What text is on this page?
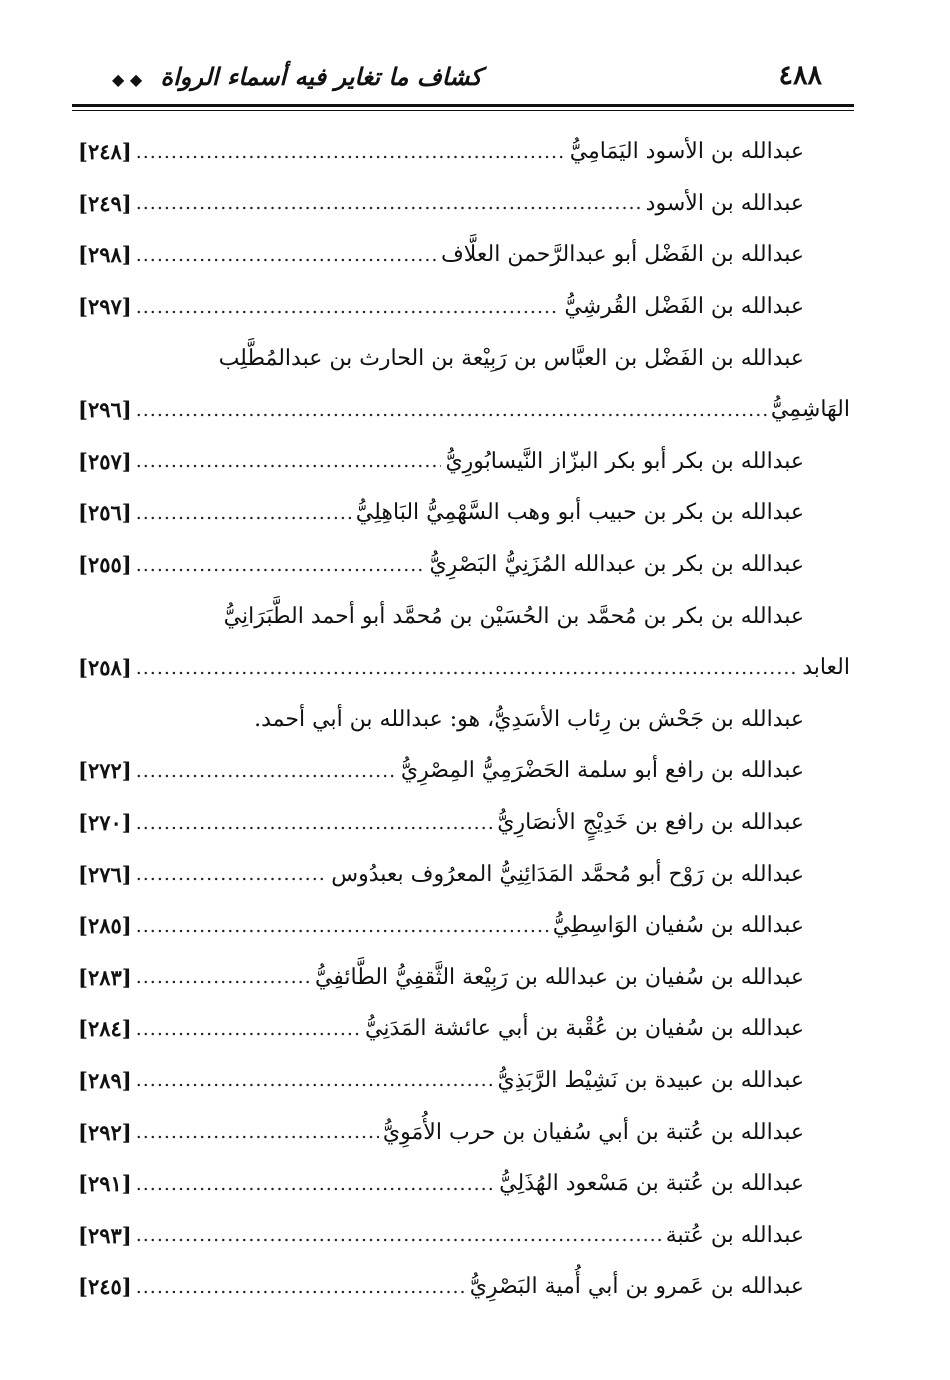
كشاف ما تغاير فيه أسماء الرواة ◆ ◆	٤٨٨
[٢٤٨] .....	عبدالله بن الأسود اليَمَامِيُّ
[٢٤٩] .....	عبدالله بن الأسود
[٢٩٨] .....	عبدالله بن الفَضْل أبو عبدالرَّحمن العلَّاف
[٢٩٧] .....	عبدالله بن الفَضْل القُرشِيُّ
عبدالله بن الفَضْل بن العبَّاس بن رَبِيْعة بن الحارث بن عبدالمُطَّلِب
[٢٩٦] .....	الهَاشِمِيُّ
[٢٥٧] .....	عبدالله بن بكر أبو بكر البزّاز النَّيسابُورِيُّ
[٢٥٦] .....	عبدالله بن بكر بن حبيب أبو وهب السَّهْمِيُّ البَاهِلِيُّ
[٢٥٥] .....	عبدالله بن بكر بن عبدالله المُزَنِيُّ البَصْرِيُّ
عبدالله بن بكر بن مُحمَّد بن الحُسَيْن بن مُحمَّد أبو أحمد الطَّبَرَانِيُّ
[٢٥٨] .....	العابد
عبدالله بن جَحْش بن رِئاب الأسَدِيُّ، هو: عبدالله بن أبي أحمد.
[٢٧٢] .....	عبدالله بن رافع أبو سلمة الحَضْرَمِيُّ المِصْرِيُّ
[٢٧٠] .....	عبدالله بن رافع بن خَدِيْجٍ الأنصَارِيُّ
[٢٧٦] .....	عبدالله بن رَوْح أبو مُحمَّد المَدَائِنِيُّ المعرُوف بعبدُوس
[٢٨٥] .....	عبدالله بن سُفيان الوَاسِطِيُّ
[٢٨٣] .....	عبدالله بن سُفيان بن عبدالله بن رَبِيْعة الثَّقفِيُّ الطَّائفِيُّ
[٢٨٤] .....	عبدالله بن سُفيان بن عُقْبة بن أبي عائشة المَدَنِيُّ
[٢٨٩] .....	عبدالله بن عبيدة بن نَشِيْط الرَّبَذِيُّ
[٢٩٢] .....	عبدالله بن عُتبة بن أبي سُفيان بن حرب الأُمَوِيُّ
[٢٩١] .....	عبدالله بن عُتبة بن مَسْعود الهُذَلِيُّ
[٢٩٣] .....	عبدالله بن عُتبة
[٢٤٥] .....	عبدالله بن عَمرو بن أبي أُمية البَصْرِيُّ
